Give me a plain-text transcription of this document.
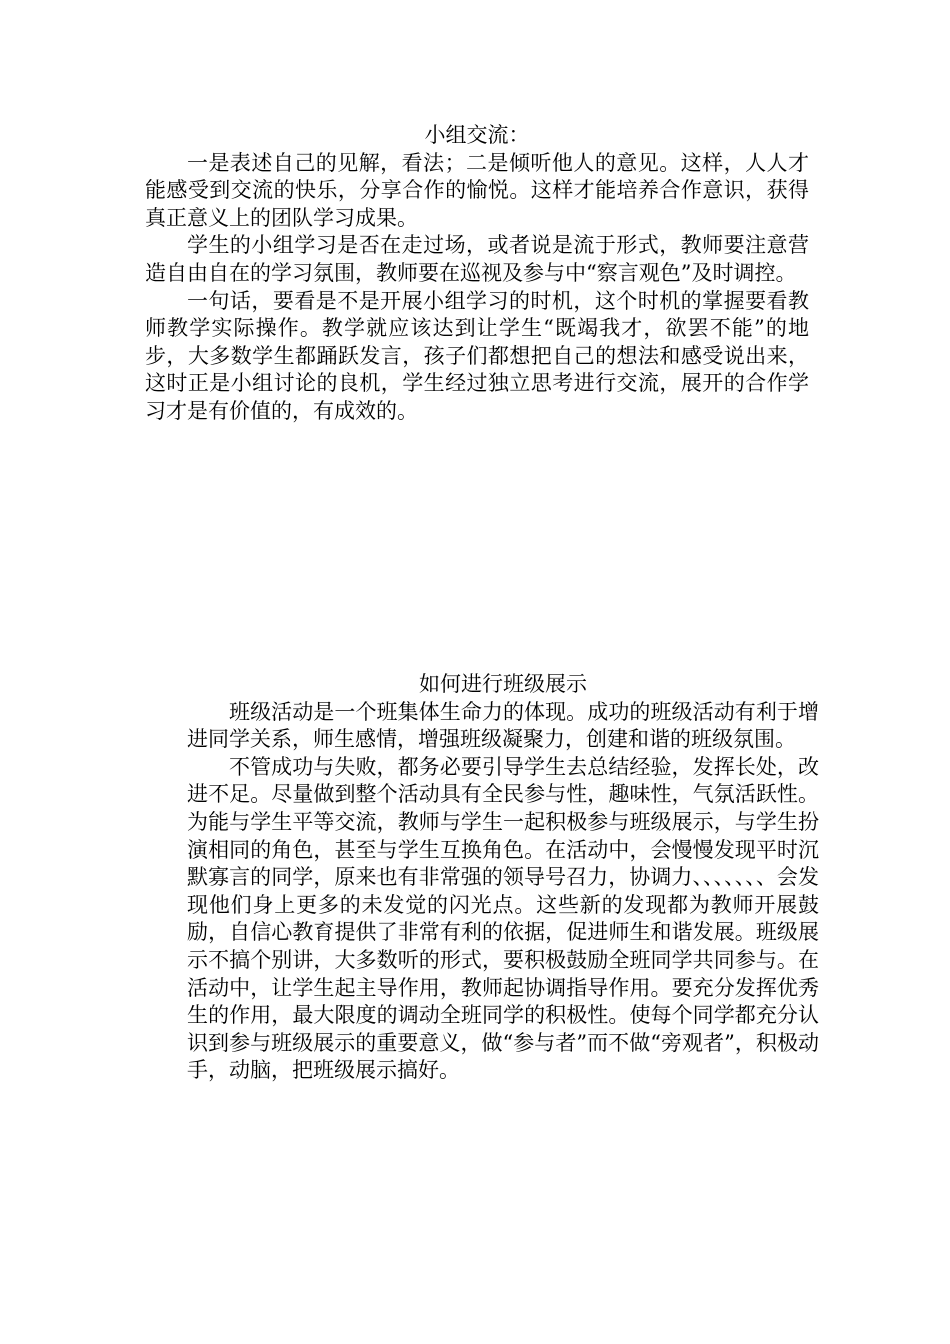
小组交流：

一是表述自己的见解，看法；二是倾听他人的意见。这样，人人才能感受到交流的快乐，分享合作的愉悦。这样才能培养合作意识，获得真正意义上的团队学习成果。

学生的小组学习是否在走过场，或者说是流于形式，教师要注意营造自由自在的学习氛围，教师要在巡视及参与中“察言观色”及时调控。

一句话，要看是不是开展小组学习的时机，这个时机的掌握要看教师教学实际操作。教学就应该达到让学生“既竭我才，欲罢不能”的地步，大多数学生都踊跃发言，孩子们都想把自己的想法和感受说出来，这时正是小组讨论的良机，学生经过独立思考进行交流，展开的合作学习才是有价值的，有成效的。

如何进行班级展示

班级活动是一个班集体生命力的体现。成功的班级活动有利于增进同学关系，师生感情，增强班级凝聚力，创建和谐的班级氛围。

不管成功与失败，都务必要引导学生去总结经验，发挥长处，改进不足。尽量做到整个活动具有全民参与性，趣味性，气氛活跃性。为能与学生平等交流，教师与学生一起积极参与班级展示，与学生扮演相同的角色，甚至与学生互换角色。在活动中，会慢慢发现平时沉默寡言的同学，原来也有非常强的领导号召力，协调力、、、、、、、会发现他们身上更多的未发觉的闪光点。这些新的发现都为教师开展鼓励，自信心教育提供了非常有利的依据，促进师生和谐发展。班级展示不搞个别讲，大多数听的形式，要积极鼓励全班同学共同参与。在活动中，让学生起主导作用，教师起协调指导作用。要充分发挥优秀生的作用，最大限度的调动全班同学的积极性。使每个同学都充分认识到参与班级展示的重要意义，做“参与者”而不做“旁观者”，积极动手，动脑，把班级展示搞好。
